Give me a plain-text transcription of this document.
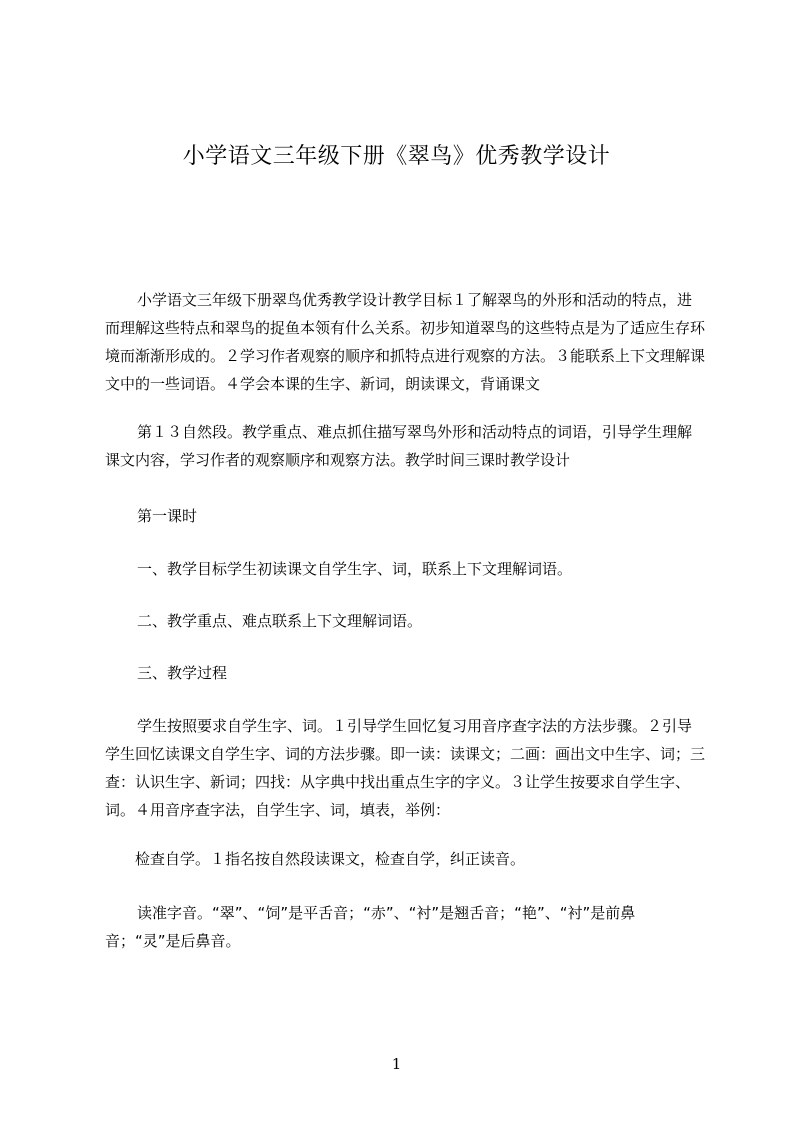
小学语文三年级下册《翠鸟》优秀教学设计

小学语文三年级下册翠鸟优秀教学设计教学目标１了解翠鸟的外形和活动的特点，进而理解这些特点和翠鸟的捉鱼本领有什么关系。初步知道翠鸟的这些特点是为了适应生存环境而渐渐形成的。２学习作者观察的顺序和抓特点进行观察的方法。３能联系上下文理解课文中的一些词语。４学会本课的生字、新词，朗读课文，背诵课文

第１３自然段。教学重点、难点抓住描写翠鸟外形和活动特点的词语，引导学生理解课文内容，学习作者的观察顺序和观察方法。教学时间三课时教学设计

第一课时

一、教学目标学生初读课文自学生字、词，联系上下文理解词语。

二、教学重点、难点联系上下文理解词语。

三、教学过程

学生按照要求自学生字、词。１引导学生回忆复习用音序查字法的方法步骤。２引导学生回忆读课文自学生字、词的方法步骤。即一读：读课文；二画：画出文中生字、词；三查：认识生字、新词；四找：从字典中找出重点生字的字义。３让学生按要求自学生字、词。４用音序查字法，自学生字、词，填表，举例：

检查自学。１指名按自然段读课文，检查自学，纠正读音。

读准字音。“翠”、“饲”是平舌音；“赤”、“衬”是翘舌音；“艳”、“衬”是前鼻音；“灵”是后鼻音。

1
